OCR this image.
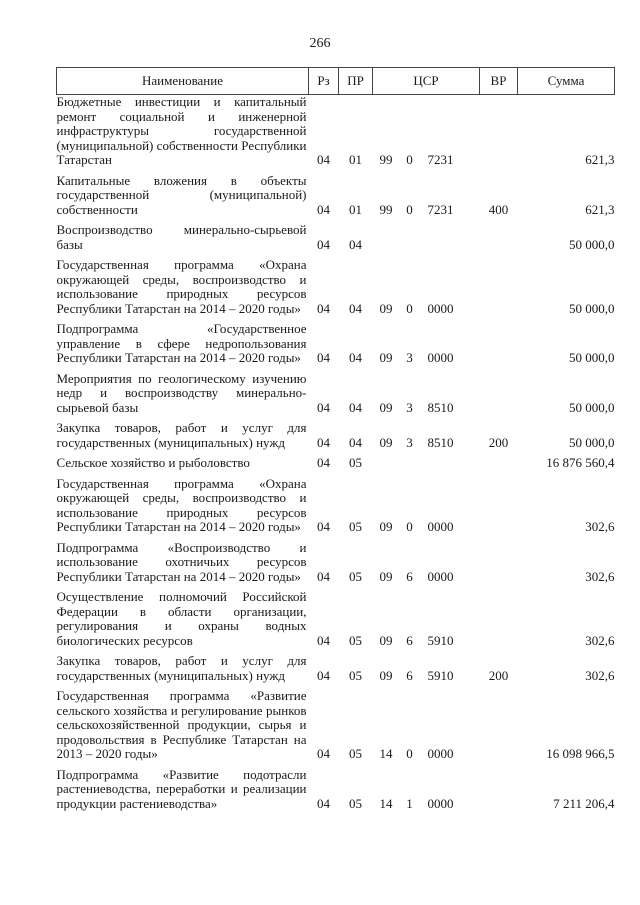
266
Наименование	Рз	ПР	ЦСР			ВР	Сумма
Бюджетные инвестиции и капитальный ремонт социальной и инженерной инфраструктуры государственной (муниципальной) собственности Республики Татарстан	04	01	99	0	7231		621,3

Капитальные вложения в объекты государственной (муниципальной) собственности	04	01	99	0	7231	400	621,3

Воспроизводство минерально-сырьевой базы	04	04					50 000,0

Государственная программа «Охрана окружающей среды, воспроизводство и использование природных ресурсов Республики Татарстан на 2014 – 2020 годы»	04	04	09	0	0000		50 000,0

Подпрограмма «Государственное управление в сфере недропользования Республики Татарстан на 2014 – 2020 годы»	04	04	09	3	0000		50 000,0

Мероприятия по геологическому изучению недр и воспроизводству минерально-сырьевой базы	04	04	09	3	8510		50 000,0

Закупка товаров, работ и услуг для государственных (муниципальных) нужд	04	04	09	3	8510	200	50 000,0

Сельское хозяйство и рыболовство	04	05					16 876 560,4

Государственная программа «Охрана окружающей среды, воспроизводство и использование природных ресурсов Республики Татарстан на 2014 – 2020 годы»	04	05	09	0	0000		302,6

Подпрограмма «Воспроизводство и использование охотничьих ресурсов Республики Татарстан на 2014 – 2020 годы»	04	05	09	6	0000		302,6

Осуществление полномочий Российской Федерации в области организации, регулирования и охраны водных биологических ресурсов	04	05	09	6	5910		302,6

Закупка товаров, работ и услуг для государственных (муниципальных) нужд	04	05	09	6	5910	200	302,6

Государственная программа «Развитие сельского хозяйства и регулирование рынков сельскохозяйственной продукции, сырья и продовольствия в Республике Татарстан на 2013 – 2020 годы»	04	05	14	0	0000		16 098 966,5

Подпрограмма «Развитие подотрасли растениеводства, переработки и реализации продукции растениеводства»	04	05	14	1	0000		7 211 206,4
